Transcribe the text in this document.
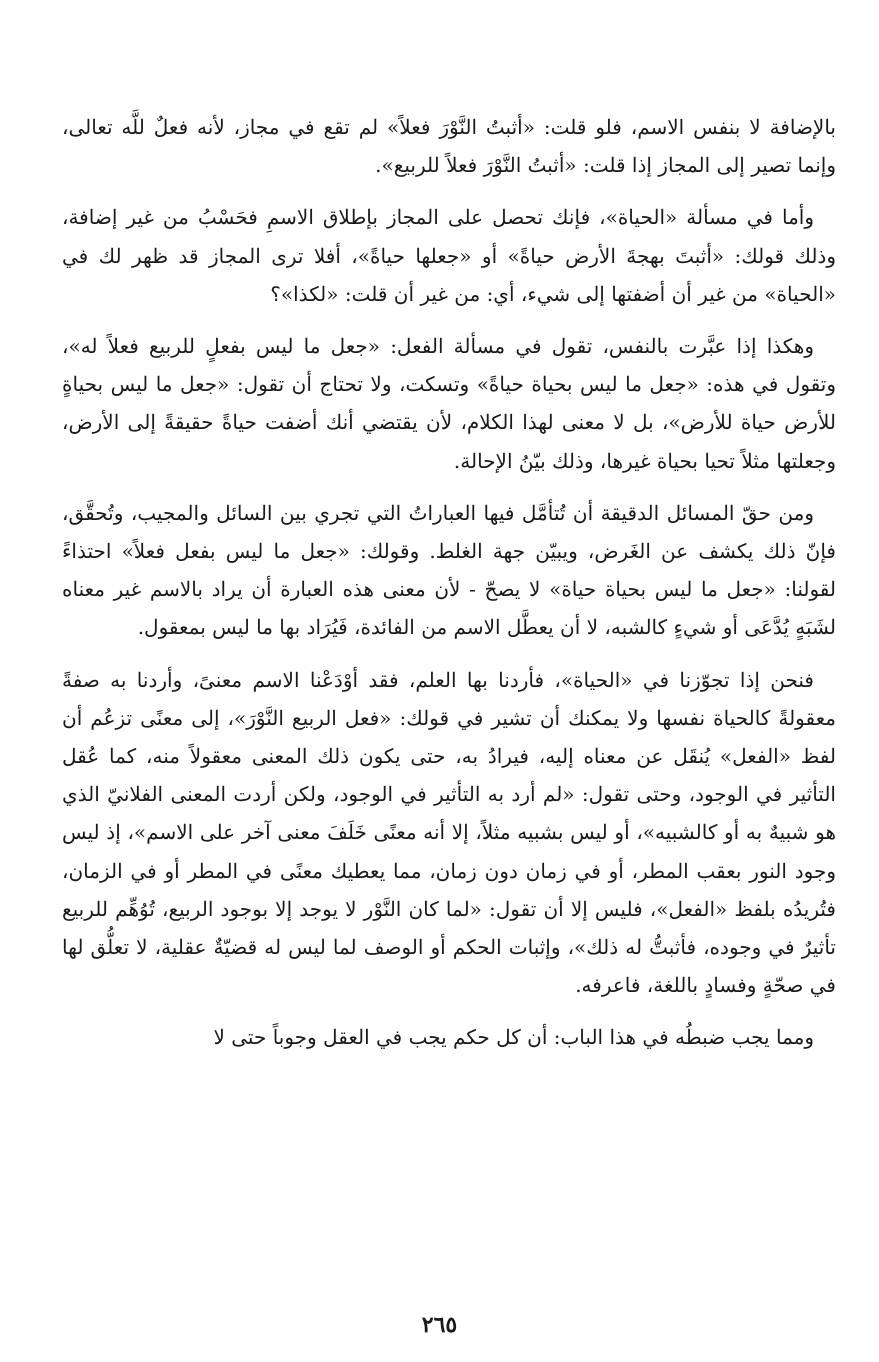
بالإضافة لا بنفس الاسم، فلو قلت: «أثبتُ النَّوْرَ فعلاً» لم تقع في مجاز، لأنه فعلٌ للَّه تعالى، وإنما تصير إلى المجاز إذا قلت: «أثبتُ النَّوْرَ فعلاً للربيع».

وأما في مسألة «الحياة»، فإنك تحصل على المجاز بإطلاق الاسمِ فحَسْبُ من غير إضافة، وذلك قولك: «أثبتَ بهجةَ الأرض حياةً» أو «جعلها حياةً»، أفلا ترى المجاز قد ظهر لك في «الحياة» من غير أن أضفتها إلى شيء، أي: من غير أن قلت: «لكذا»؟

وهكذا إذا عبَّرت بالنفس، تقول في مسألة الفعل: «جعل ما ليس بفعلٍ للربيع فعلاً له»، وتقول في هذه: «جعل ما ليس بحياة حياةً» وتسكت، ولا تحتاج أن تقول: «جعل ما ليس بحياةٍ للأرض حياة للأرض»، بل لا معنى لهذا الكلام، لأن يقتضي أنك أضفت حياةً حقيقةً إلى الأرض، وجعلتها مثلاً تحيا بحياة غيرها، وذلك بيّنُ الإحالة.

ومن حقّ المسائل الدقيقة أن تُتأمَّل فيها العباراتُ التي تجري بين السائل والمجيب، وتُحقَّق، فإنّ ذلك يكشف عن الغَرض، ويبيّن جهة الغلط. وقولك: «جعل ما ليس بفعل فعلاً» احتذاءً لقولنا: «جعل ما ليس بحياة حياة» لا يصحّ - لأن معنى هذه العبارة أن يراد بالاسم غير معناه لشَبَهٍ يُدَّعَى أو شيءٍ كالشبه، لا أن يعطَّل الاسم من الفائدة، فَيُرَاد بها ما ليس بمعقول.

فنحن إذا تجوّزنا في «الحياة»، فأردنا بها العلم، فقد أوْدَعْنا الاسم معنىً، وأردنا به صفةً معقولةً كالحياة نفسها ولا يمكنك أن تشير في قولك: «فعل الربيع النَّوْرَ»، إلى معنًى تزعُم أن لفظ «الفعل» يُنقَل عن معناه إليه، فيرادُ به، حتى يكون ذلك المعنى معقولاً منه، كما عُقل التأثير في الوجود، وحتى تقول: «لم أرد به التأثير في الوجود، ولكن أردت المعنى الفلانيّ الذي هو شبيهٌ به أو كالشبيه»، أو ليس بشبيه مثلاً، إلا أنه معنًى خَلَفَ معنى آخر على الاسم»، إذ ليس وجود النور بعقب المطر، أو في زمان دون زمان، مما يعطيك معنًى في المطر أو في الزمان، فتُريدُه بلفظ «الفعل»، فليس إلا أن تقول: «لما كان النَّوْر لا يوجد إلا بوجود الربيع، تُوُهِّم للربيع تأثيرٌ في وجوده، فأثبتُّ له ذلك»، وإثبات الحكم أو الوصف لما ليس له قضيّةٌ عقلية، لا تعلُّق لها في صحّةٍ وفسادٍ باللغة، فاعرفه.

ومما يجب ضبطُه في هذا الباب: أن كل حكم يجب في العقل وجوباً حتى لا

٢٦٥
